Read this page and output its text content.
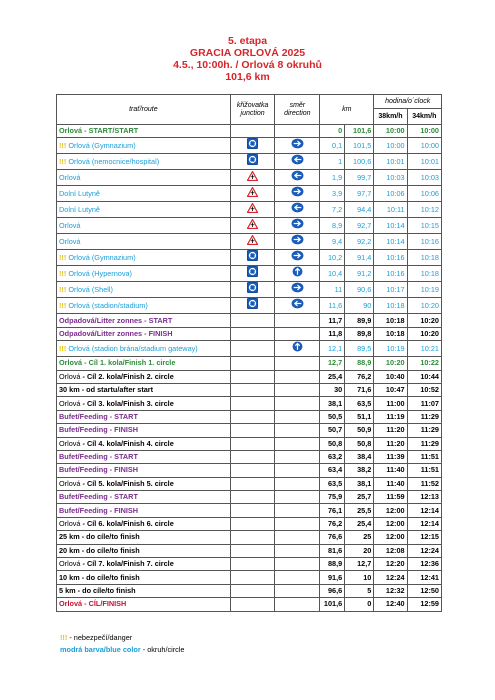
5. etapa
GRACIA ORLOVÁ 2025
4.5., 10:00h. / Orlová 8 okruhů
101,6 km
trať/route	křižovatka junction	směr direction	km		hodina/o´clock	
					38km/h	34km/h
Orlová - START/START			0	101,6	10:00	10:00
!!! Orlová (Gymnazium)			0,1	101,5	10:00	10:00
!!! Orlová (nemocnice/hospital)			1	100,6	10:01	10:01
Orlová			1,9	99,7	10:03	10:03
Dolní Lutyně			3,9	97,7	10:06	10:06
Dolní Lutyně			7,2	94,4	10:11	10:12
Orlová			8,9	92,7	10:14	10:15
Orlová			9,4	92,2	10:14	10:16
!!! Orlová (Gymnazium)			10,2	91,4	10:16	10:18
!!! Orlová (Hypernova)			10,4	91,2	10:16	10:18
!!! Orlová (Shell)			11	90,6	10:17	10:19
!!! Orlová (stadion/stadium)			11,6	90	10:18	10:20
Odpadová/Litter zonnes - START			11,7	89,9	10:18	10:20
Odpadová/Litter zonnes - FINISH			11,8	89,8	10:18	10:20
!!! Orlová (stadion brána/stadium gateway)			12,1	89,5	10:19	10:21
Orlová - Cíl 1. kola/Finish 1. circle			12,7	88,9	10:20	10:22
Orlová - Cíl 2. kola/Finish 2. circle			25,4	76,2	10:40	10:44
30 km - od startu/after start			30	71,6	10:47	10:52
Orlová - Cíl 3. kola/Finish 3. circle			38,1	63,5	11:00	11:07
Bufet/Feeding - START			50,5	51,1	11:19	11:29
Bufet/Feeding - FINISH			50,7	50,9	11:20	11:29
Orlová - Cíl 4. kola/Finish 4. circle			50,8	50,8	11:20	11:29
Bufet/Feeding - START			63,2	38,4	11:39	11:51
Bufet/Feeding - FINISH			63,4	38,2	11:40	11:51
Orlová - Cíl 5. kola/Finish 5. circle			63,5	38,1	11:40	11:52
Bufet/Feeding - START			75,9	25,7	11:59	12:13
Bufet/Feeding - FINISH			76,1	25,5	12:00	12:14
Orlová - Cíl 6. kola/Finish 6. circle			76,2	25,4	12:00	12:14
25 km - do cíle/to finish			76,6	25	12:00	12:15
20 km - do cíle/to finish			81,6	20	12:08	12:24
Orlová - Cíl 7. kola/Finish 7. circle			88,9	12,7	12:20	12:36
10 km - do cíle/to finish			91,6	10	12:24	12:41
5 km - do cíle/to finish			96,6	5	12:32	12:50
Orlová - CÍL/FINISH			101,6	0	12:40	12:59
!!! - nebezpečí/danger
modrá barva/blue color - okruh/circle
